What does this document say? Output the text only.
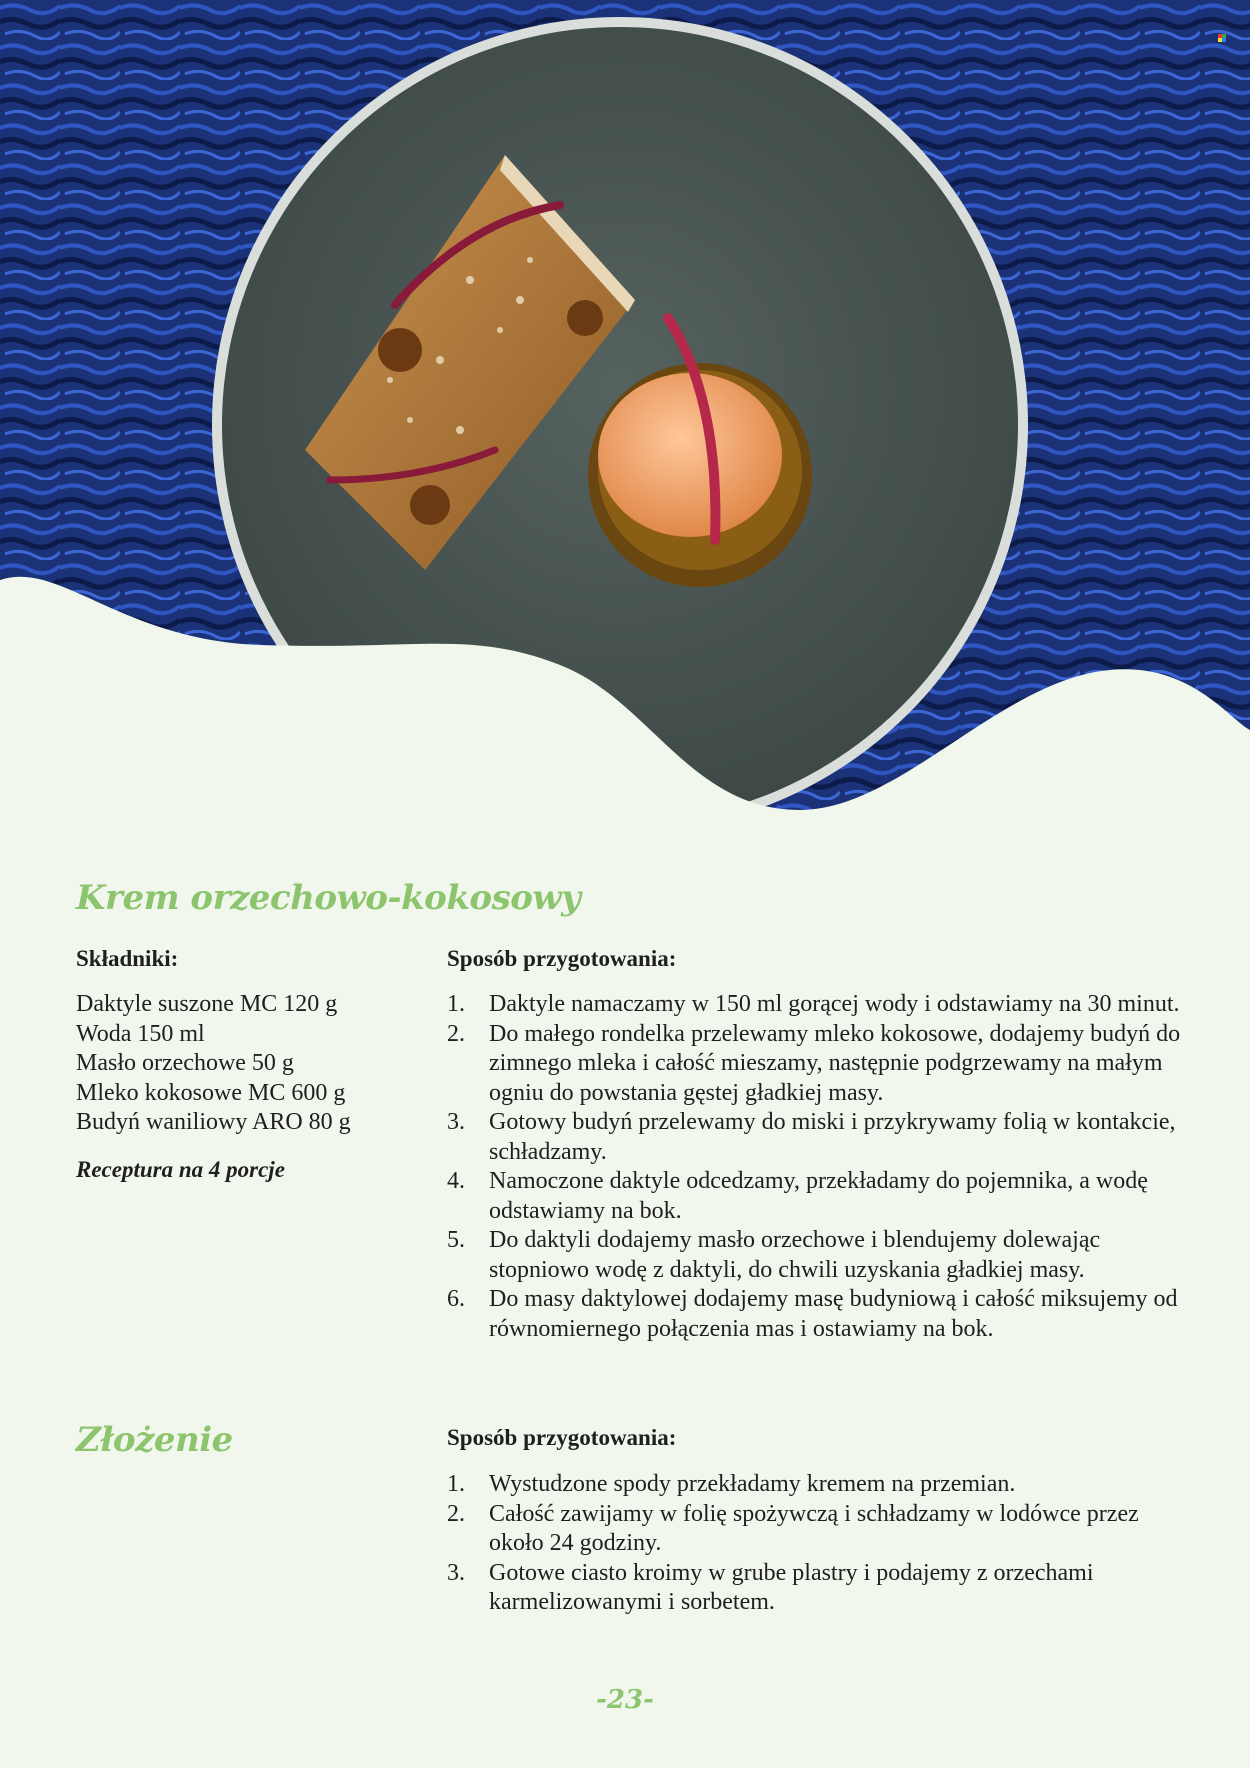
Krem orzechowo-kokosowy
Składniki:
Daktyle suszone MC 120 g
Woda 150 ml
Masło orzechowe 50 g
Mleko kokosowe MC 600 g
Budyń waniliowy ARO 80 g
Receptura na 4 porcje
Sposób przygotowania:
1. Daktyle namaczamy w 150 ml gorącej wody i odstawiamy na 30 minut.
2. Do małego rondelka przelewamy mleko kokosowe, dodajemy budyń do zimnego mleka i całość mieszamy, następnie podgrzewamy na małym ogniu do powstania gęstej gładkiej masy.
3. Gotowy budyń przelewamy do miski i przykrywamy folią w kontakcie, schładzamy.
4. Namoczone daktyle odcedzamy, przekładamy do pojemnika, a wodę odstawiamy na bok.
5. Do daktyli dodajemy masło orzechowe i blendujemy dolewając stopniowo wodę z daktyli, do chwili uzyskania gładkiej masy.
6. Do masy daktylowej dodajemy masę budyniową i całość miksujemy od równomiernego połączenia mas i ostawiamy na bok.
Złożenie	Sposób przygotowania:
1. Wystudzone spody przekładamy kremem na przemian.
2. Całość zawijamy w folię spożywczą i schładzamy w lodówce przez około 24 godziny.
3. Gotowe ciasto kroimy w grube plastry i podajemy z orzechami karmelizowanymi i sorbetem.
-23-
